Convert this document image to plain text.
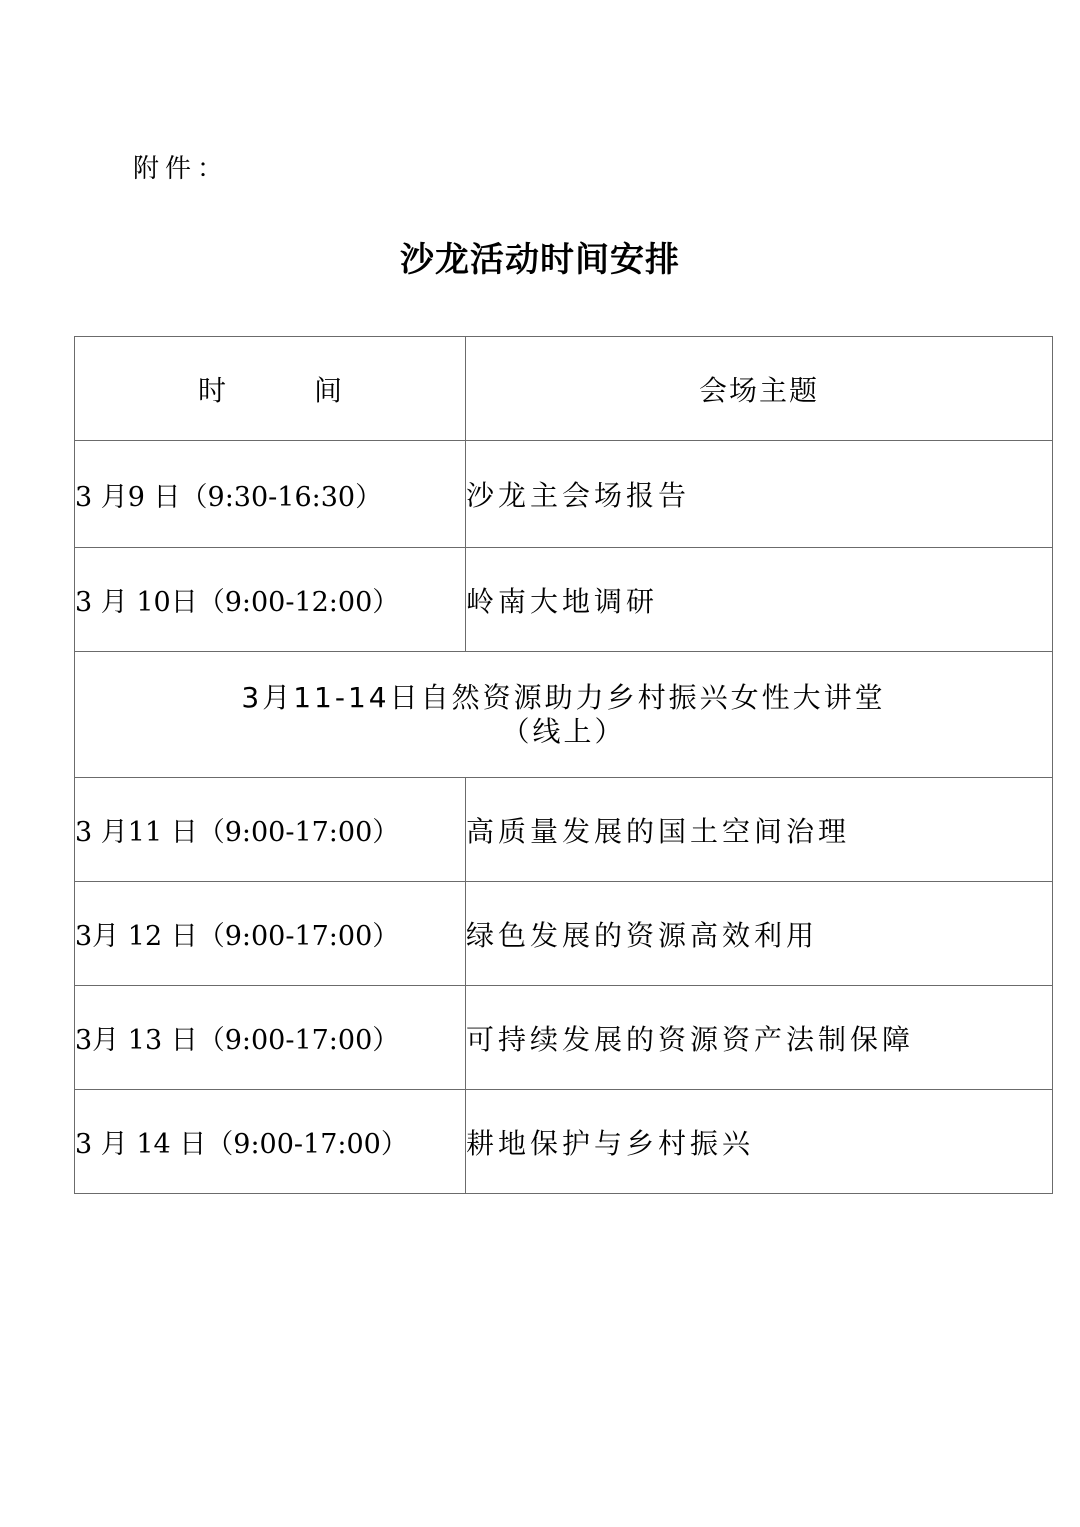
附件：
沙龙活动时间安排
时　间	会场主题
3 月9 日（9:30-16:30）	沙龙主会场报告
3 月 10日（9:00-12:00）	岭南大地调研

3月11-14日自然资源助力乡村振兴女性大讲堂
（线上）	

3 月11 日（9:00-17:00）	高质量发展的国土空间治理
3月 12 日（9:00-17:00）	绿色发展的资源高效利用
3月 13 日（9:00-17:00）	可持续发展的资源资产法制保障
3 月 14 日（9:00-17:00）	耕地保护与乡村振兴
